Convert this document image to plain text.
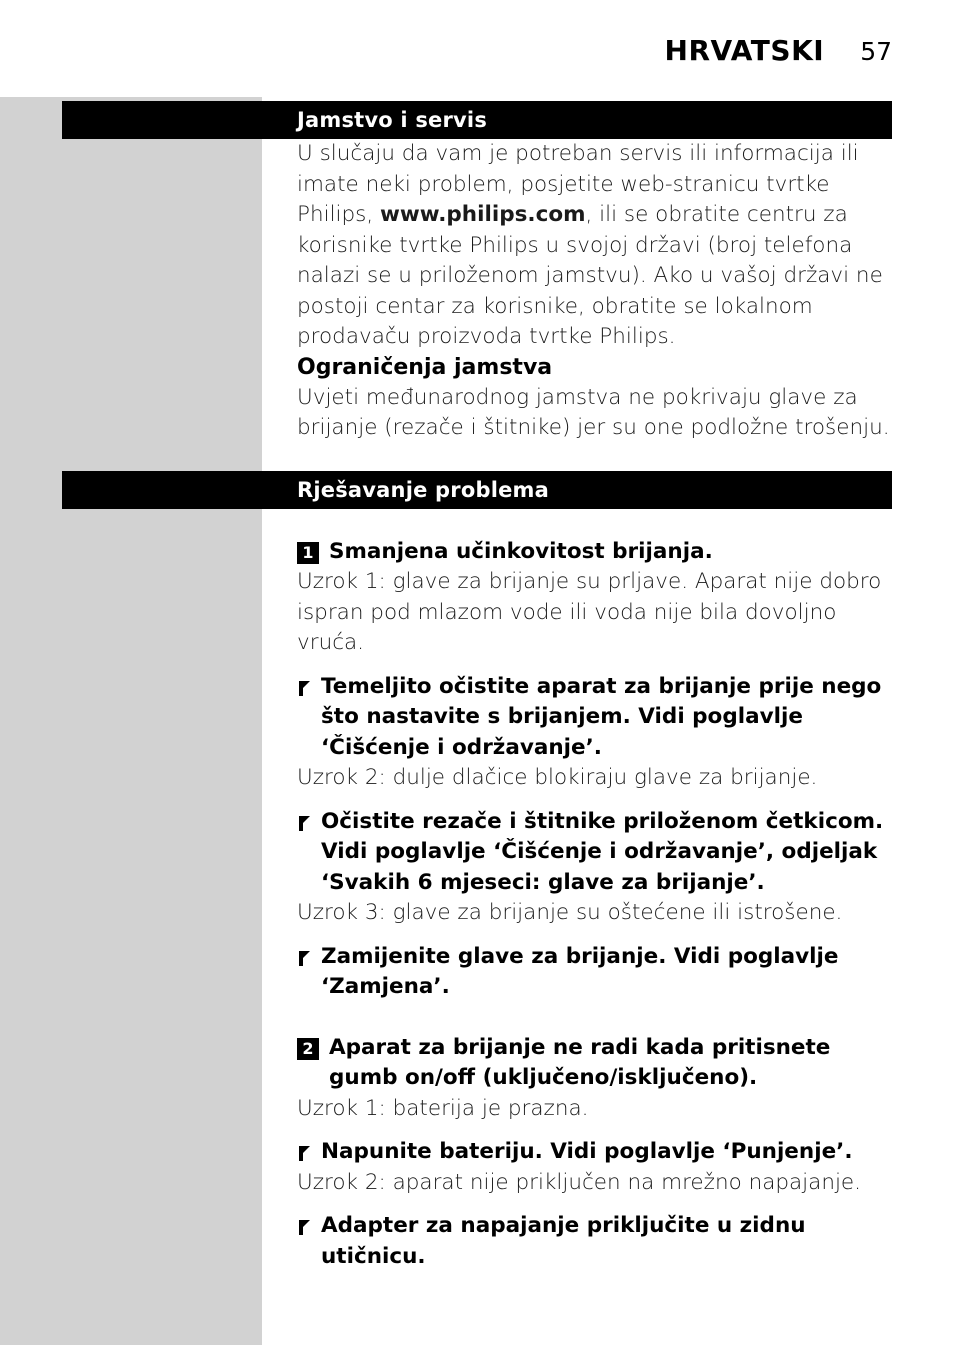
HRVATSKI 57
Jamstvo i servis

U slučaju da vam je potreban servis ili informacija ili imate neki problem, posjetite web-stranicu tvrtke Philips, www.philips.com, ili se obratite centru za korisnike tvrtke Philips u svojoj državi (broj telefona nalazi se u priloženom jamstvu). Ako u vašoj državi ne postoji centar za korisnike, obratite se lokalnom prodavaču proizvoda tvrtke Philips.

Ograničenja jamstva

Uvjeti međunarodnog jamstva ne pokrivaju glave za brijanje (rezače i štitnike) jer su one podložne trošenju.

Rješavanje problema
1 Smanjena učinkovitost brijanja.

Uzrok 1: glave za brijanje su prljave. Aparat nije dobro ispran pod mlazom vode ili voda nije bila dovoljno vruća.

Temeljito očistite aparat za brijanje prije nego što nastavite s brijanjem. Vidi poglavlje ‘Čišćenje i održavanje’.

Uzrok 2: dulje dlačice blokiraju glave za brijanje.

Očistite rezače i štitnike priloženom četkicom. Vidi poglavlje ‘Čišćenje i održavanje’, odjeljak ‘Svakih 6 mjeseci: glave za brijanje’.

Uzrok 3: glave za brijanje su oštećene ili istrošene.

Zamijenite glave za brijanje. Vidi poglavlje ‘Zamjena’.
2 Aparat za brijanje ne radi kada pritisnete gumb on/off (uključeno/isključeno).

Uzrok 1: baterija je prazna.

Napunite bateriju. Vidi poglavlje ‘Punjenje’.

Uzrok 2: aparat nije priključen na mrežno napajanje.

Adapter za napajanje priključite u zidnu utičnicu.
